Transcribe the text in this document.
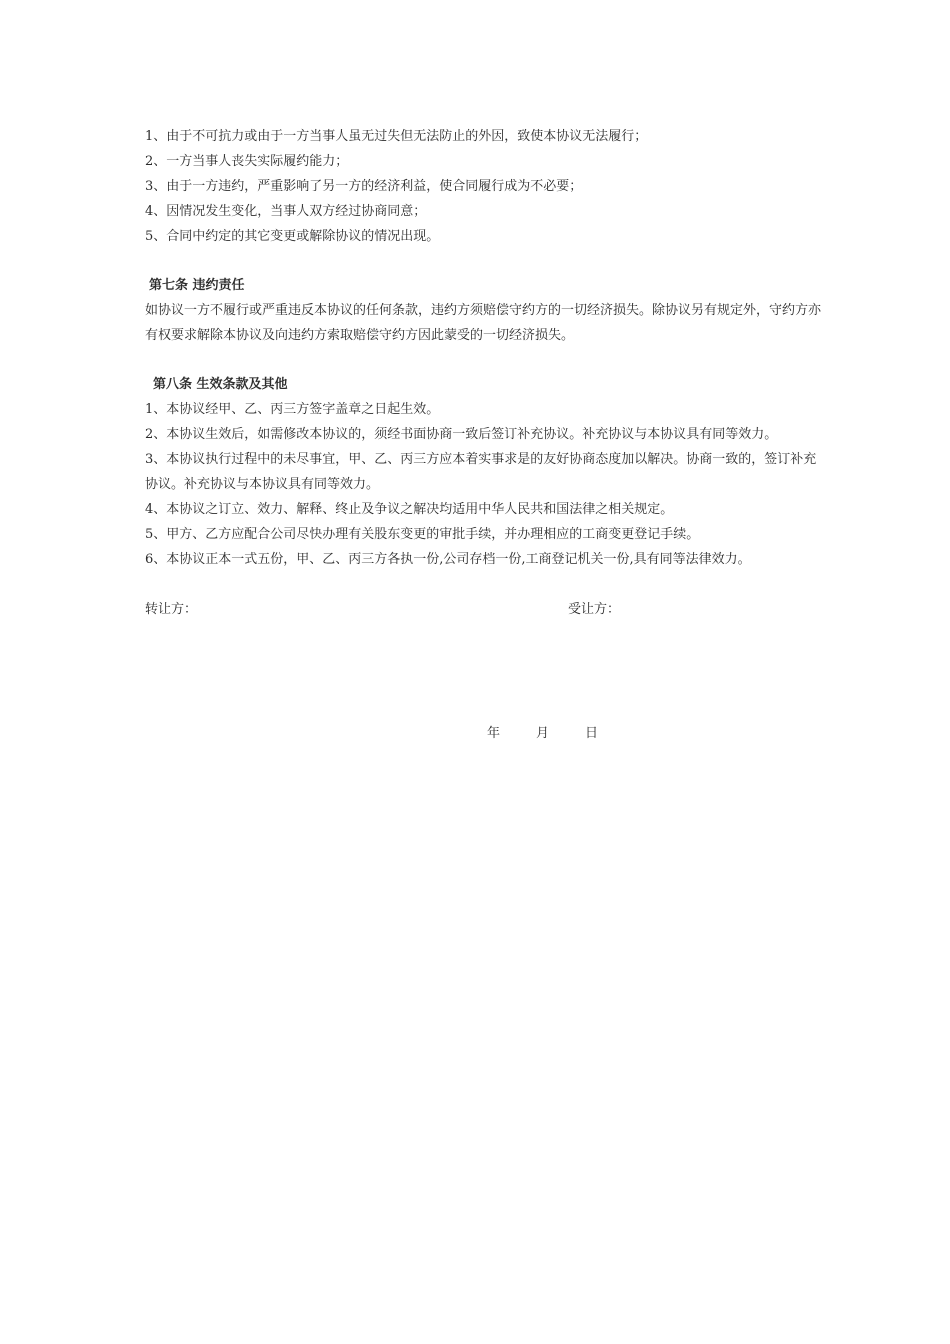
1、由于不可抗力或由于一方当事人虽无过失但无法防止的外因，致使本协议无法履行；
2、一方当事人丧失实际履约能力；
3、由于一方违约，严重影响了另一方的经济利益，使合同履行成为不必要；
4、因情况发生变化，当事人双方经过协商同意；
5、合同中约定的其它变更或解除协议的情况出现。
第七条 违约责任
如协议一方不履行或严重违反本协议的任何条款，违约方须赔偿守约方的一切经济损失。除协议另有规定外，守约方亦有权要求解除本协议及向违约方索取赔偿守约方因此蒙受的一切经济损失。
第八条 生效条款及其他
1、本协议经甲、乙、丙三方签字盖章之日起生效。
2、本协议生效后，如需修改本协议的，须经书面协商一致后签订补充协议。补充协议与本协议具有同等效力。
3、本协议执行过程中的未尽事宜，甲、乙、丙三方应本着实事求是的友好协商态度加以解决。协商一致的，签订补充协议。补充协议与本协议具有同等效力。
4、本协议之订立、效力、解释、终止及争议之解决均适用中华人民共和国法律之相关规定。
5、甲方、乙方应配合公司尽快办理有关股东变更的审批手续，并办理相应的工商变更登记手续。
6、本协议正本一式五份，甲、乙、丙三方各执一份,公司存档一份,工商登记机关一份,具有同等法律效力。
转让方：	受让方：
年	月	日
